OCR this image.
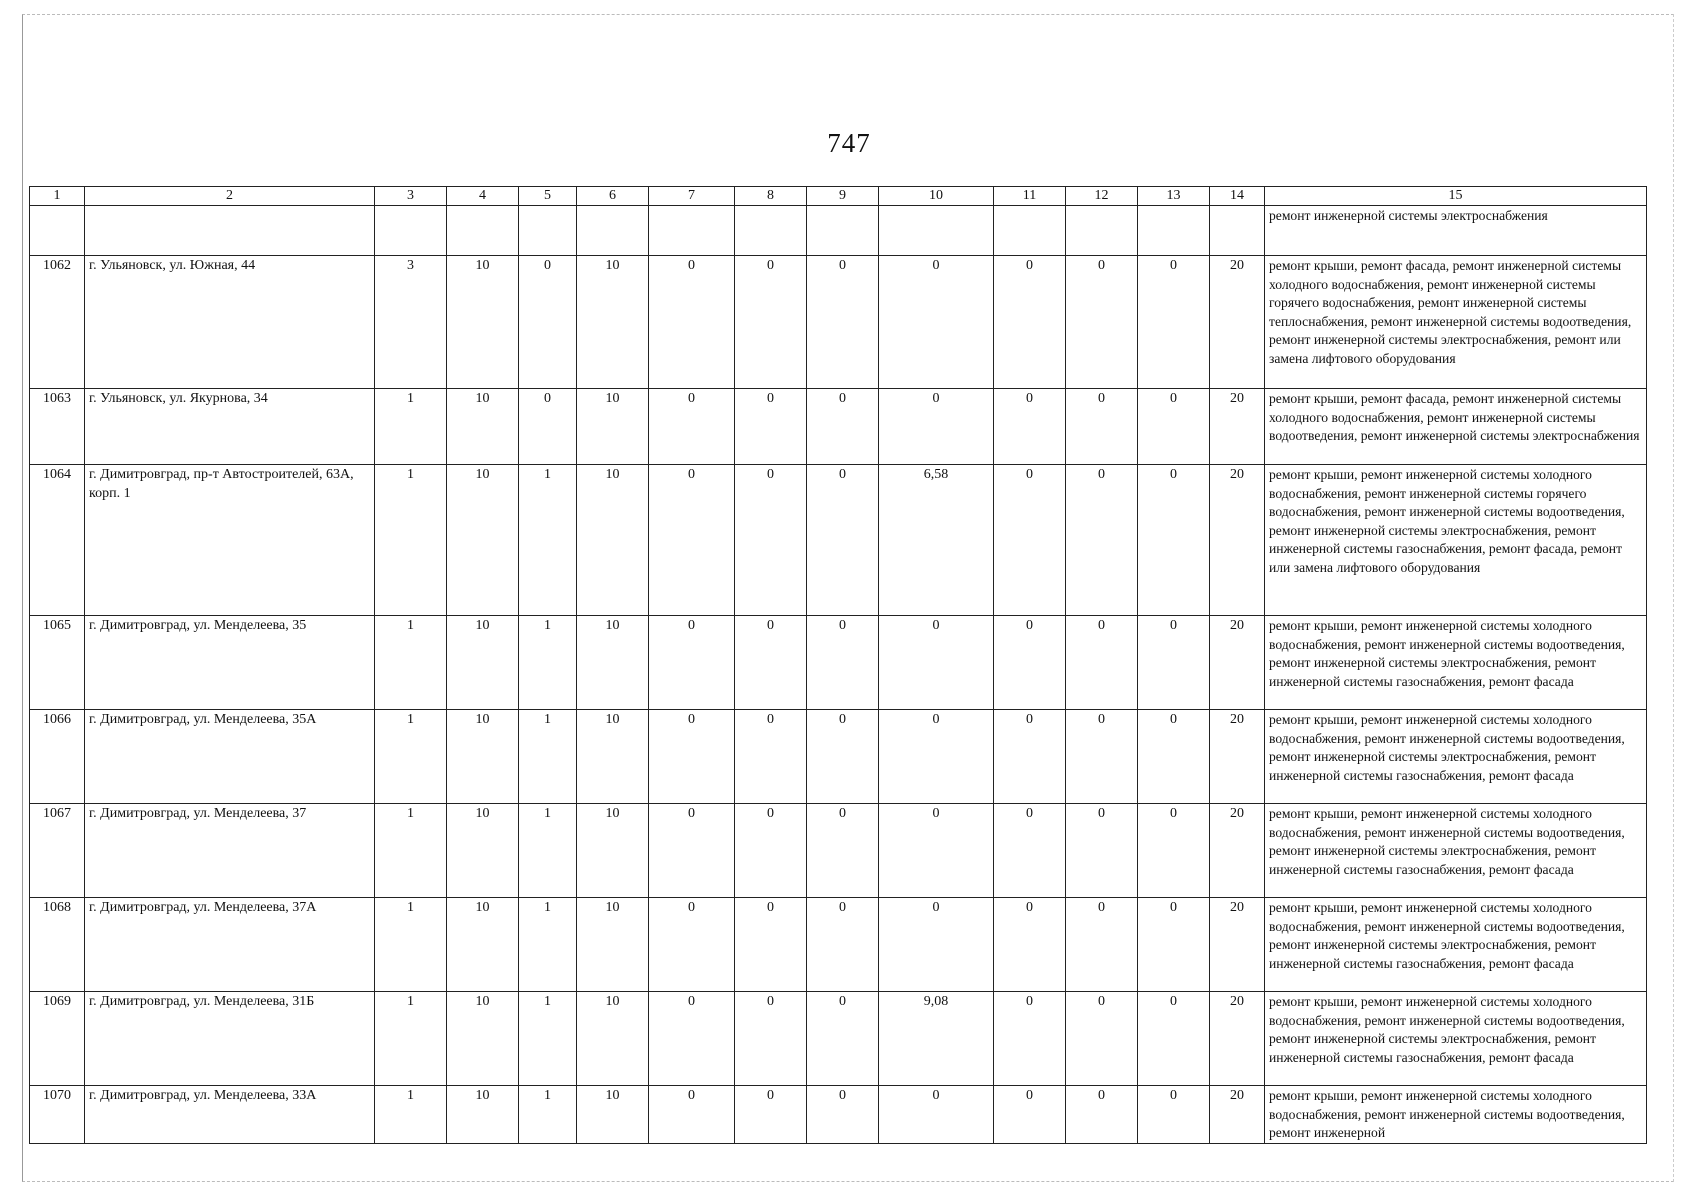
747
1	2	3	4	5	6	7	8	9	10	11	12	13	14	15
														ремонт инженерной системы электроснабжения
1062	г. Ульяновск, ул. Южная, 44	3	10	0	10	0	0	0	0	0	0	0	20	ремонт крыши, ремонт фасада, ремонт инженерной системы холодного водоснабжения, ремонт инженерной системы горячего водоснабжения, ремонт инженерной системы теплоснабжения, ремонт инженерной системы водоотведения, ремонт инженерной системы электроснабжения, ремонт или замена лифтового оборудования
1063	г. Ульяновск, ул. Якурнова, 34	1	10	0	10	0	0	0	0	0	0	0	20	ремонт крыши, ремонт фасада, ремонт инженерной системы холодного водоснабжения, ремонт инженерной системы водоотведения, ремонт инженерной системы электроснабжения
1064	г. Димитровград, пр-т Автостроителей, 63А, корп. 1	1	10	1	10	0	0	0	6,58	0	0	0	20	ремонт крыши, ремонт инженерной системы холодного водоснабжения, ремонт инженерной системы горячего водоснабжения, ремонт инженерной системы водоотведения, ремонт инженерной системы электроснабжения, ремонт инженерной системы газоснабжения, ремонт фасада, ремонт или замена лифтового оборудования
1065	г. Димитровград, ул. Менделеева, 35	1	10	1	10	0	0	0	0	0	0	0	20	ремонт крыши, ремонт инженерной системы холодного водоснабжения, ремонт инженерной системы водоотведения, ремонт инженерной системы электроснабжения, ремонт инженерной системы газоснабжения, ремонт фасада
1066	г. Димитровград, ул. Менделеева, 35А	1	10	1	10	0	0	0	0	0	0	0	20	ремонт крыши, ремонт инженерной системы холодного водоснабжения, ремонт инженерной системы водоотведения, ремонт инженерной системы электроснабжения, ремонт инженерной системы газоснабжения, ремонт фасада
1067	г. Димитровград, ул. Менделеева, 37	1	10	1	10	0	0	0	0	0	0	0	20	ремонт крыши, ремонт инженерной системы холодного водоснабжения, ремонт инженерной системы водоотведения, ремонт инженерной системы электроснабжения, ремонт инженерной системы газоснабжения, ремонт фасада
1068	г. Димитровград, ул. Менделеева, 37А	1	10	1	10	0	0	0	0	0	0	0	20	ремонт крыши, ремонт инженерной системы холодного водоснабжения, ремонт инженерной системы водоотведения, ремонт инженерной системы электроснабжения, ремонт инженерной системы газоснабжения, ремонт фасада
1069	г. Димитровград, ул. Менделеева, 31Б	1	10	1	10	0	0	0	9,08	0	0	0	20	ремонт крыши, ремонт инженерной системы холодного водоснабжения, ремонт инженерной системы водоотведения, ремонт инженерной системы электроснабжения, ремонт инженерной системы газоснабжения, ремонт фасада
1070	г. Димитровград, ул. Менделеева, 33А	1	10	1	10	0	0	0	0	0	0	0	20	ремонт крыши, ремонт инженерной системы холодного водоснабжения, ремонт инженерной системы водоотведения, ремонт инженерной
